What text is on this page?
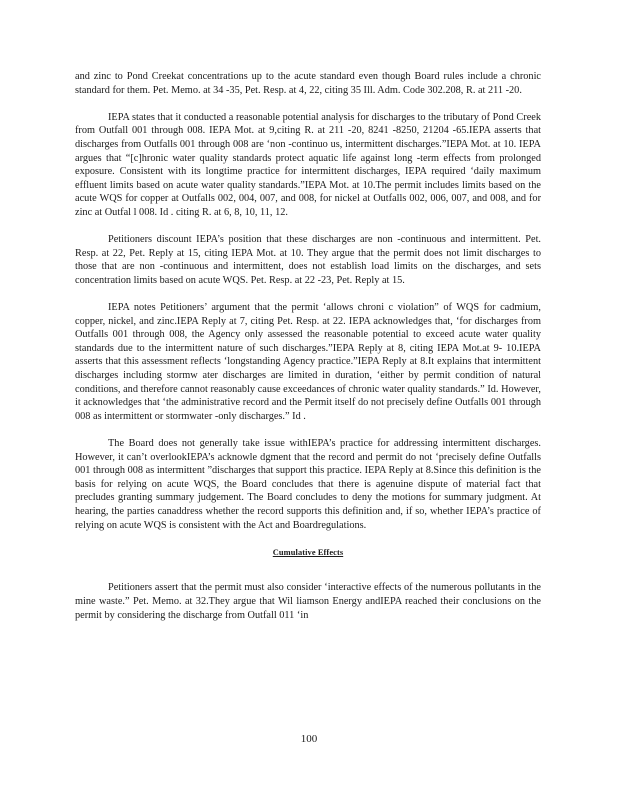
and zinc to Pond Creekat concentrations up to the acute standard even though Board rules include a chronic standard for them. Pet. Memo. at 34 -35, Pet. Resp. at 4, 22, citing 35 Ill. Adm. Code 302.208, R. at 211 -20.

IEPA states that it conducted a reasonable potential analysis for discharges to the tributary of Pond Creek from Outfall 001 through 008. IEPA Mot. at 9,citing R. at 211 -20, 8241 -8250, 21204 -65.IEPA asserts that discharges from Outfalls 001 through 008 are ‘non -continuo us, intermittent discharges.”IEPA Mot. at 10. IEPA argues that “[c]hronic water quality standards protect aquatic life against long -term effects from prolonged exposure. Consistent with its longtime practice for intermittent discharges, IEPA required ‘daily maximum effluent limits based on acute water quality standards.”IEPA Mot. at 10.The permit includes limits based on the acute WQS for copper at Outfalls 002, 004, 007, and 008, for nickel at Outfalls 002, 006, 007, and 008, and for zinc at Outfal l 008. Id . citing R. at 6, 8, 10, 11, 12.

Petitioners discount IEPA’s position that these discharges are non -continuous and intermittent. Pet. Resp. at 22, Pet. Reply at 15, citing IEPA Mot. at 10. They argue that the permit does not limit discharges to those that are non -continuous and intermittent, does not establish load limits on the discharges, and sets concentration limits based on acute WQS. Pet. Resp. at 22 -23, Pet. Reply at 15.

IEPA notes Petitioners’ argument that the permit ‘allows chroni c violation” of WQS for cadmium, copper, nickel, and zinc.IEPA Reply at 7, citing Pet. Resp. at 22. IEPA acknowledges that, ‘for discharges from Outfalls 001 through 008, the Agency only assessed the reasonable potential to exceed acute water quality standards due to the intermittent nature of such discharges.”IEPA Reply at 8, citing IEPA Mot.at 9- 10.IEPA asserts that this assessment reflects ‘longstanding Agency practice.”IEPA Reply at 8.It explains that intermittent discharges including stormw ater discharges are limited in duration, ‘either by permit condition of natural conditions, and therefore cannot reasonably cause exceedances of chronic water quality standards.” Id. However, it acknowledges that ‘the administrative record and the Permit itself do not precisely define Outfalls 001 through 008 as intermittent or stormwater -only discharges.” Id .

The Board does not generally take issue withIEPA’s practice for addressing intermittent discharges. However, it can’t overlookIEPA’s acknowle dgment that the record and permit do not ‘precisely define Outfalls 001 through 008 as intermittent ”discharges that support this practice. IEPA Reply at 8.Since this definition is the basis for relying on acute WQS, the Board concludes that there is agenuine dispute of material fact that precludes granting summary judgement. The Board concludes to deny the motions for summary judgment. At hearing, the parties canaddress whether the record supports this definition and, if so, whether IEPA’s practice of relying on acute WQS is consistent with the Act and Boardregulations.

Cumulative Effects

Petitioners assert that the permit must also consider ‘interactive effects of the numerous pollutants in the mine waste.” Pet. Memo. at 32.They argue that Wil liamson Energy andIEPA reached their conclusions on the permit by considering the discharge from Outfall 011 ‘in

100
